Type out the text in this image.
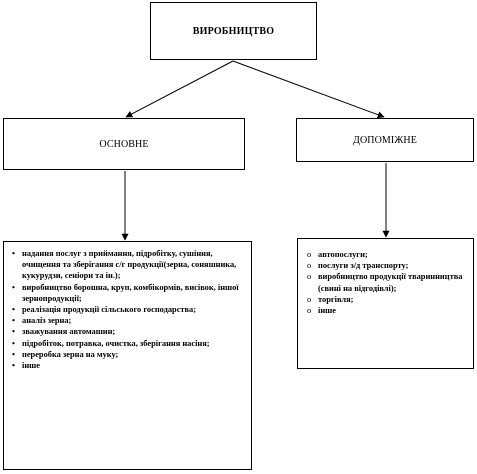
ВИРОБНИЦТВО
ОСНОВНЕ	ДОПОМІЖНЕ
• надання послуг з приймання, підробітку, сушіння, очищення та зберігання с/г продукції(зерна, соняшника, кукурудзи, сеніори та ін.);
• виробництво борошна, круп, комбікормів, висівок, іншої зернопродукції;
• реалізація продукції сільського господарства;
• аналіз зерна;
• зважування автомашин;
• підробіток, потравка, очистка, зберігання насіня;
• переробка зерна на муку;
• інше
o автопослуги;
o послуги з/д транспорту;
o виробництво продукції тваринництва (свині на відгодівлі);
o торгівля;
o інше
